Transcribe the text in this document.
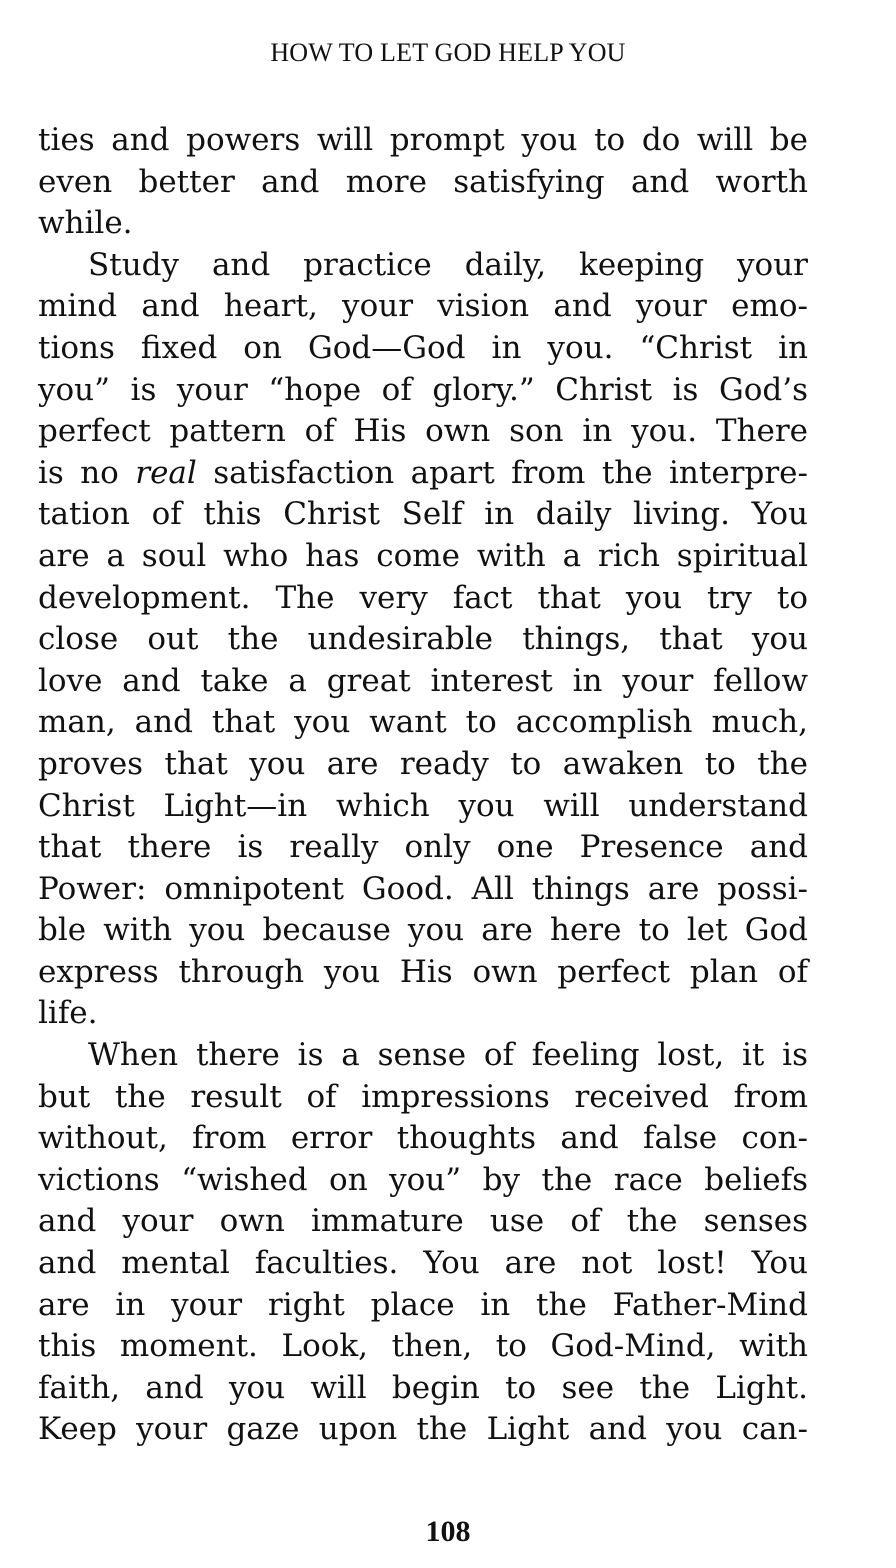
HOW TO LET GOD HELP YOU
ties and powers will prompt you to do will be
even better and more satisfying and worth
while.
Study and practice daily, keeping your
mind and heart, your vision and your emo-
tions fixed on God—God in you. “Christ in
you” is your “hope of glory.” Christ is God’s
perfect pattern of His own son in you. There
is no real satisfaction apart from the interpre-
tation of this Christ Self in daily living. You
are a soul who has come with a rich spiritual
development. The very fact that you try to
close out the undesirable things, that you
love and take a great interest in your fellow
man, and that you want to accomplish much,
proves that you are ready to awaken to the
Christ Light—in which you will understand
that there is really only one Presence and
Power: omnipotent Good. All things are possi-
ble with you because you are here to let God
express through you His own perfect plan of
life.
When there is a sense of feeling lost, it is
but the result of impressions received from
without, from error thoughts and false con-
victions “wished on you” by the race beliefs
and your own immature use of the senses
and mental faculties. You are not lost! You
are in your right place in the Father-Mind
this moment. Look, then, to God-Mind, with
faith, and you will begin to see the Light.
Keep your gaze upon the Light and you can-
108
